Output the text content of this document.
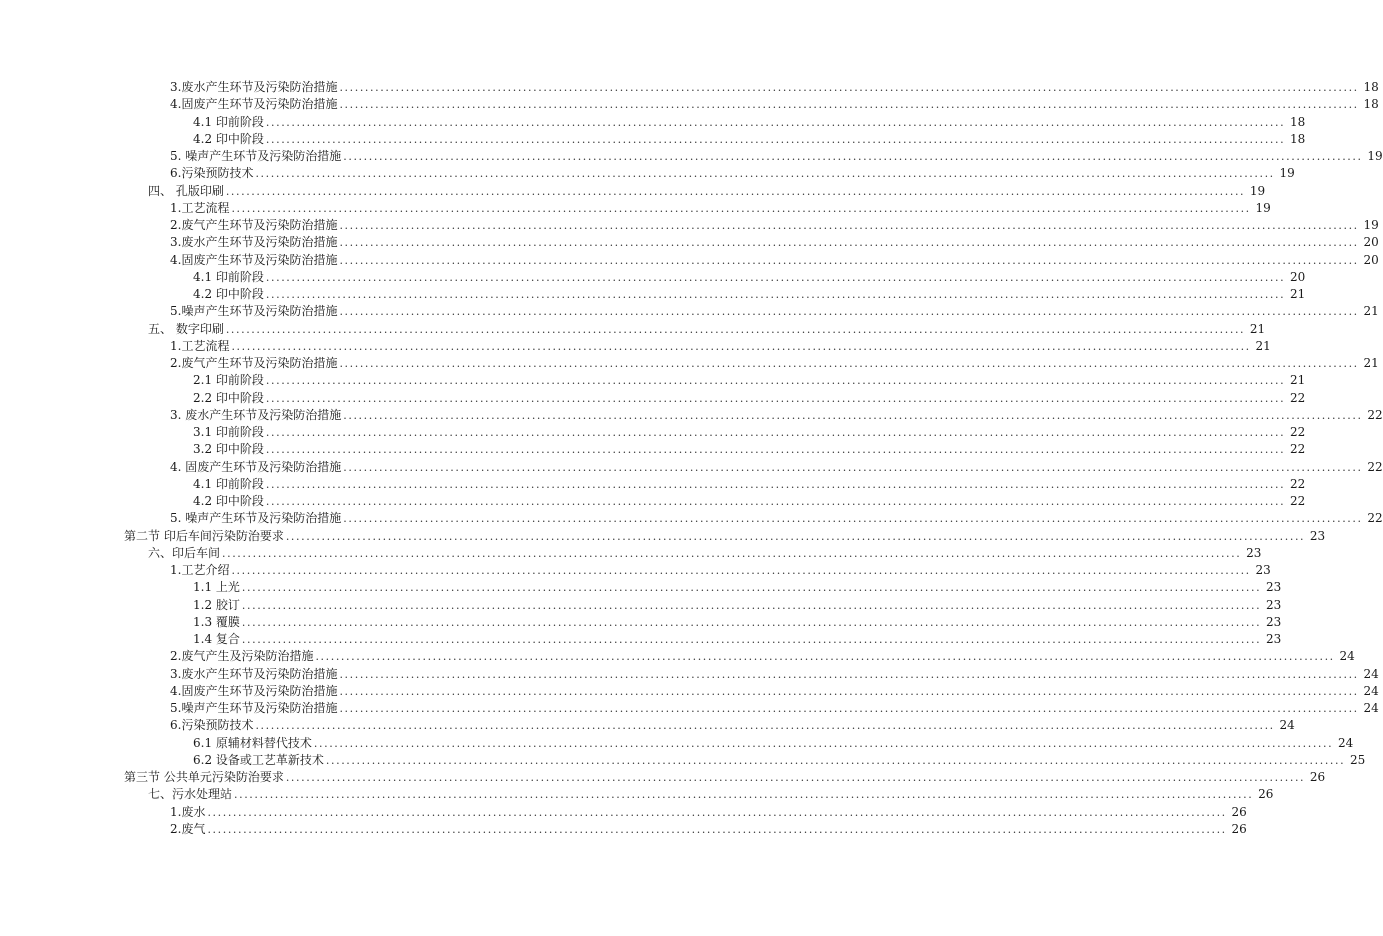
3.废水产生环节及污染防治措施 ........................................................................................................................................................................................................ 18
4.固废产生环节及污染防治措施 ........................................................................................................................................................................................................ 18
4.1 印前阶段 ........................................................................................................................................................................................................ 18
4.2 印中阶段 ........................................................................................................................................................................................................ 18
5. 噪声产生环节及污染防治措施 ........................................................................................................................................................................................................ 19
6.污染预防技术 ........................................................................................................................................................................................................ 19
四、 孔版印刷 ........................................................................................................................................................................................................ 19
1.工艺流程 ........................................................................................................................................................................................................ 19
2.废气产生环节及污染防治措施 ........................................................................................................................................................................................................ 19
3.废水产生环节及污染防治措施 ........................................................................................................................................................................................................ 20
4.固废产生环节及污染防治措施 ........................................................................................................................................................................................................ 20
4.1 印前阶段 ........................................................................................................................................................................................................ 20
4.2 印中阶段 ........................................................................................................................................................................................................ 21
5.噪声产生环节及污染防治措施 ........................................................................................................................................................................................................ 21
五、 数字印刷 ........................................................................................................................................................................................................ 21
1.工艺流程 ........................................................................................................................................................................................................ 21
2.废气产生环节及污染防治措施 ........................................................................................................................................................................................................ 21
2.1 印前阶段 ........................................................................................................................................................................................................ 21
2.2 印中阶段 ........................................................................................................................................................................................................ 22
3. 废水产生环节及污染防治措施 ........................................................................................................................................................................................................ 22
3.1 印前阶段 ........................................................................................................................................................................................................ 22
3.2 印中阶段 ........................................................................................................................................................................................................ 22
4. 固废产生环节及污染防治措施 ........................................................................................................................................................................................................ 22
4.1 印前阶段 ........................................................................................................................................................................................................ 22
4.2 印中阶段 ........................................................................................................................................................................................................ 22
5. 噪声产生环节及污染防治措施 ........................................................................................................................................................................................................ 22
第二节 印后车间污染防治要求 ........................................................................................................................................................................................................ 23
六、印后车间 ........................................................................................................................................................................................................ 23
1.工艺介绍 ........................................................................................................................................................................................................ 23
1.1 上光 ........................................................................................................................................................................................................ 23
1.2 胶订 ........................................................................................................................................................................................................ 23
1.3 覆膜 ........................................................................................................................................................................................................ 23
1.4 复合 ........................................................................................................................................................................................................ 23
2.废气产生及污染防治措施 ........................................................................................................................................................................................................ 24
3.废水产生环节及污染防治措施 ........................................................................................................................................................................................................ 24
4.固废产生环节及污染防治措施 ........................................................................................................................................................................................................ 24
5.噪声产生环节及污染防治措施 ........................................................................................................................................................................................................ 24
6.污染预防技术 ........................................................................................................................................................................................................ 24
6.1 原辅材料替代技术 ........................................................................................................................................................................................................ 24
6.2 设备或工艺革新技术 ........................................................................................................................................................................................................ 25
第三节 公共单元污染防治要求 ........................................................................................................................................................................................................ 26
七、污水处理站 ........................................................................................................................................................................................................ 26
1.废水 ........................................................................................................................................................................................................ 26
2.废气 ........................................................................................................................................................................................................ 26
